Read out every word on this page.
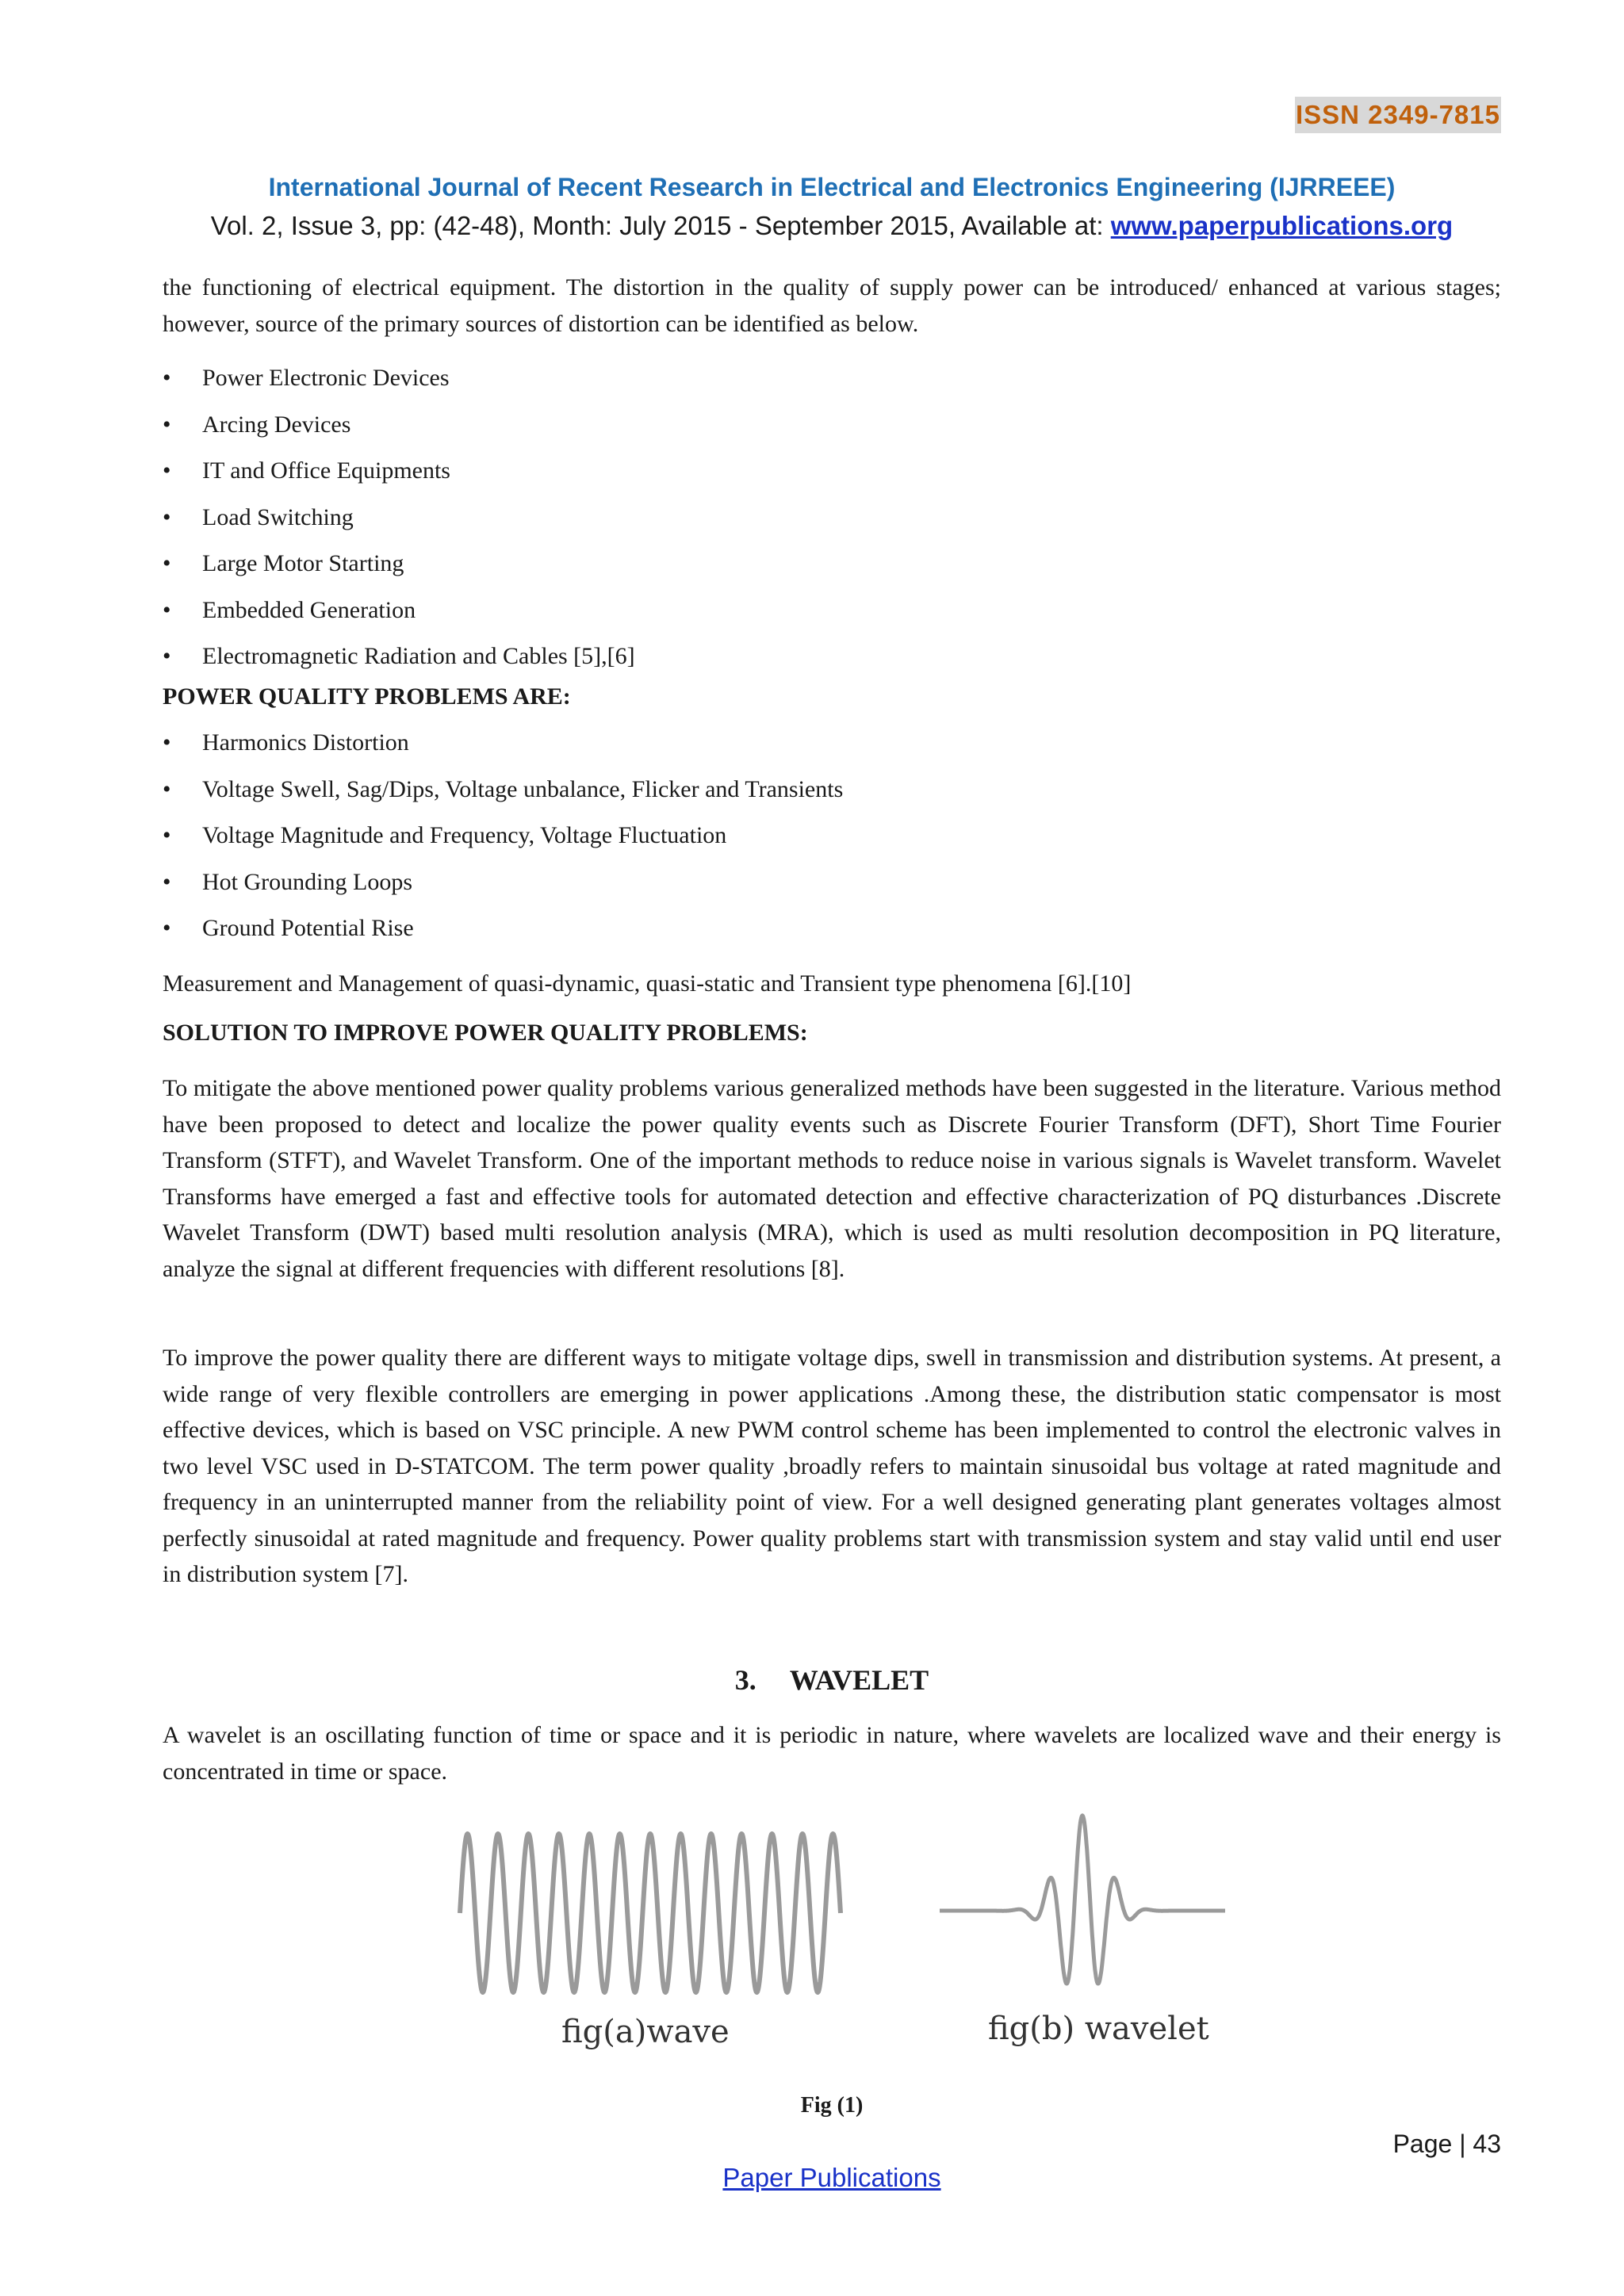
ISSN 2349-7815
International Journal of Recent Research in Electrical and Electronics Engineering (IJRREEE)
Vol. 2, Issue 3, pp: (42-48), Month: July 2015 - September 2015, Available at: www.paperpublications.org
the functioning of electrical equipment. The distortion in the quality of supply power can be introduced/ enhanced at various stages; however, source of the primary sources of distortion can be identified as below.
• Power Electronic Devices
• Arcing Devices
• IT and Office Equipments
• Load Switching
• Large Motor Starting
• Embedded Generation
• Electromagnetic Radiation and Cables [5],[6]
POWER QUALITY PROBLEMS ARE:
• Harmonics Distortion
• Voltage Swell, Sag/Dips, Voltage unbalance, Flicker and Transients
• Voltage Magnitude and Frequency, Voltage Fluctuation
• Hot Grounding Loops
• Ground Potential Rise
Measurement and Management of quasi-dynamic, quasi-static and Transient type phenomena [6].[10]
SOLUTION TO IMPROVE POWER QUALITY PROBLEMS:
To mitigate the above mentioned power quality problems various generalized methods have been suggested in the literature. Various method have been proposed to detect and localize the power quality events such as Discrete Fourier Transform (DFT), Short Time Fourier Transform (STFT), and Wavelet Transform. One of the important methods to reduce noise in various signals is Wavelet transform. Wavelet Transforms have emerged a fast and effective tools for automated detection and effective characterization of PQ disturbances .Discrete Wavelet Transform (DWT) based multi resolution analysis (MRA), which is used as multi resolution decomposition in PQ literature, analyze the signal at different frequencies with different resolutions [8].
To improve the power quality there are different ways to mitigate voltage dips, swell in transmission and distribution systems. At present, a wide range of very flexible controllers are emerging in power applications .Among these, the distribution static compensator is most effective devices, which is based on VSC principle. A new PWM control scheme has been implemented to control the electronic valves in two level VSC used in D-STATCOM. The term power quality ,broadly refers to maintain sinusoidal bus voltage at rated magnitude and frequency in an uninterrupted manner from the reliability point of view. For a well designed generating plant generates voltages almost perfectly sinusoidal at rated magnitude and frequency. Power quality problems start with transmission system and stay valid until end user in distribution system [7].
3. WAVELET
A wavelet is an oscillating function of time or space and it is periodic in nature, where wavelets are localized wave and their energy is concentrated in time or space.
fig(a)wave	fig(b) wavelet
Fig (1)
Page | 43
Paper Publications
